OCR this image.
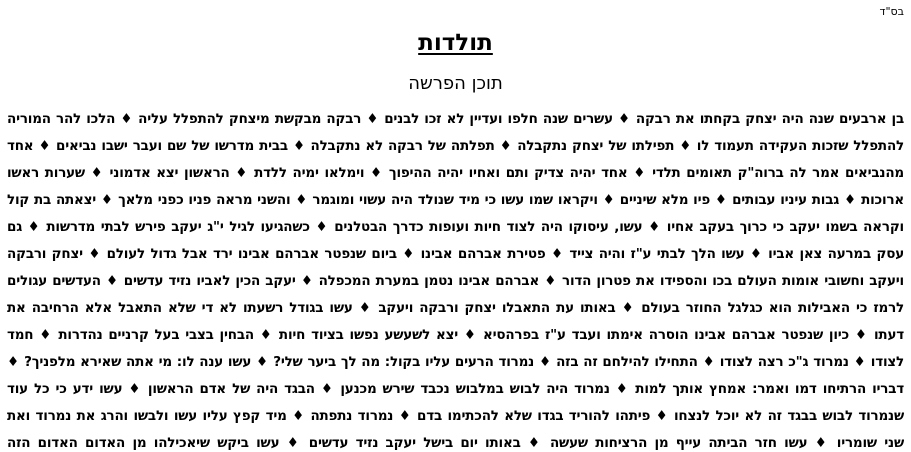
בס"ד
תולדות
תוכן הפרשה
בן ארבעים שנה היה יצחק בקחתו את רבקה ♦ עשרים שנה חלפו ועדיין לא זכו לבנים ♦ רבקה מבקשת מיצחק להתפלל עליה ♦ הלכו להר המוריה
להתפלל שזכות העקידה תעמוד לו ♦ תפילתו של יצחק נתקבלה ♦ תפלתה של רבקה לא נתקבלה ♦ בבית מדרשו של שם ועבר ישבו נביאים ♦ אחד
מהנביאים אמר לה ברוה"ק תאומים תלדי ♦ אחד יהיה צדיק ותם ואחיו יהיה ההיפוך ♦ וימלאו ימיה ללדת ♦ הראשון יצא אדמוני ♦ שערות ראשו
ארוכות ♦ גבות עיניו עבותים ♦ פיו מלא שיניים ♦ ויקראו שמו עשו כי מיד שנולד היה עשוי ומוגמר ♦ והשני מראה פניו כפני מלאך ♦ יצאתה בת קול
וקראה בשמו יעקב כי כרוך בעקב אחיו ♦ עשו, עיסוקו היה לצוד חיות ועופות כדרך הבטלנים ♦ כשהגיעו לגיל י"ג יעקב פירש לבתי מדרשות ♦ גם
עסק במרעה צאן אביו ♦ עשו הלך לבתי ע"ז והיה צייד ♦ פטירת אברהם אבינו ♦ ביום שנפטר אברהם אבינו ירד אבל גדול לעולם ♦ יצחק ורבקה
ויעקב וחשובי אומות העולם בכו והספידו את פטרון הדור ♦ אברהם אבינו נטמן במערת המכפלה ♦ יעקב הכין לאביו נזיד עדשים ♦ העדשים עגולים
לרמז כי האבילות הוא כגלגל החוזר בעולם ♦ באותו עת התאבלו יצחק ורבקה ויעקב ♦ עשו בגודל רשעתו לא די שלא התאבל אלא הרחיבה את
דעתו ♦ כיון שנפטר אברהם אבינו הוסרה אימתו ועבד ע"ז בפרהסיא ♦ יצא לשעשע נפשו בציוד חיות ♦ הבחין בצבי בעל קרניים נהדרות ♦ חמד
לצודו ♦ נמרוד ג"כ רצה לצודו ♦ התחילו להילחם זה בזה ♦ נמרוד הרעים עליו בקול: מה לך ביער שלי? ♦ עשו ענה לו: מי אתה שאירא מלפניך? ♦
דבריו הרתיחו דמו ואמר: אמחץ אותך למות ♦ נמרוד היה לבוש במלבוש נכבד שירש מכנען ♦ הבגד היה של אדם הראשון ♦ עשו ידע כי כל עוד
שנמרוד לבוש בבגד זה לא יוכל לנצחו ♦ פיתהו להוריד בגדו שלא להכתימו בדם ♦ נמרוד נתפתה ♦ מיד קפץ עליו עשו ולבשו והרג את נמרוד ואת
שני שומריו ♦ עשו חזר הביתה עייף מן הרציחות שעשה ♦ באותו יום בישל יעקב נזיד עדשים ♦ עשו ביקש שיאכילהו מן האדום האדום הזה
